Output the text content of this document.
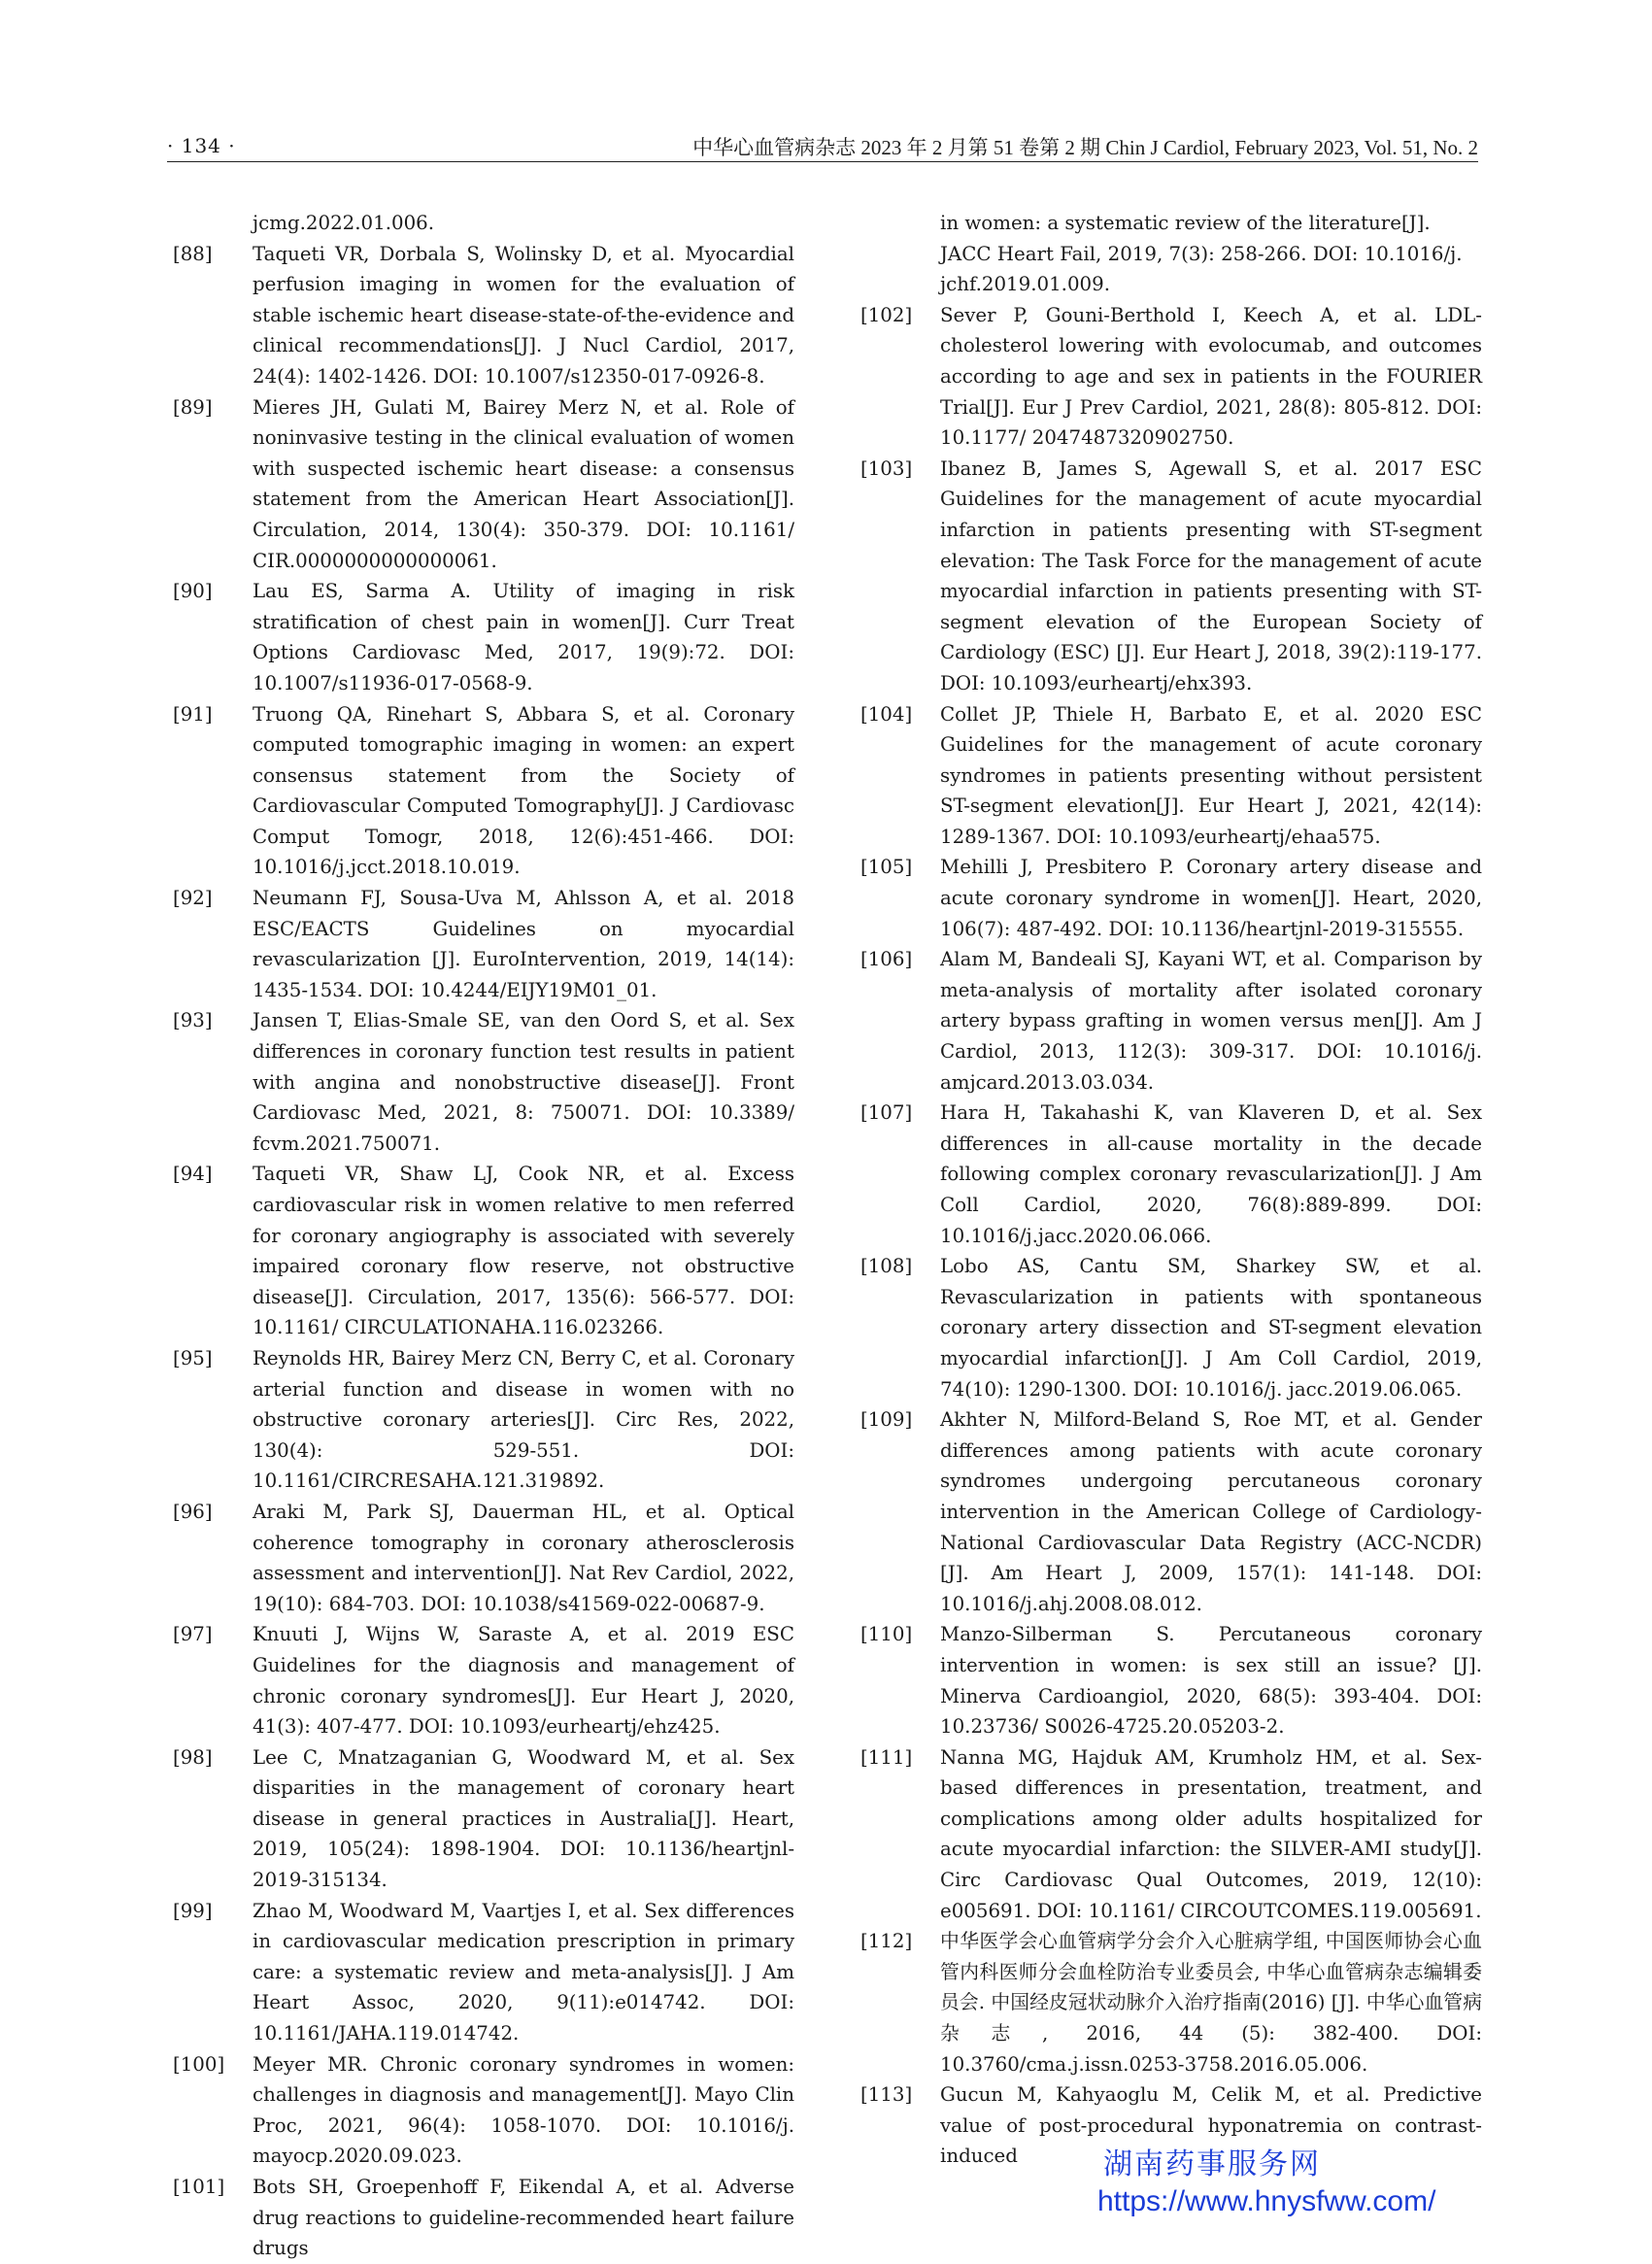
· 134 ·	中华心血管病杂志 2023 年 2 月第 51 卷第 2 期 Chin J Cardiol, February 2023, Vol. 51, No. 2
jcmg.2022.01.006.
[88]	Taqueti VR, Dorbala S, Wolinsky D, et al. Myocardial perfusion imaging in women for the evaluation of stable ischemic heart disease-state-of-the-evidence and clinical recommendations[J]. J Nucl Cardiol, 2017, 24(4): 1402-1426. DOI: 10.1007/s12350-017-0926-8.
[89]	Mieres JH, Gulati M, Bairey Merz N, et al. Role of noninvasive testing in the clinical evaluation of women with suspected ischemic heart disease: a consensus statement from the American Heart Association[J]. Circulation, 2014, 130(4): 350-379. DOI: 10.1161/ CIR.0000000000000061.
[90]	Lau ES, Sarma A. Utility of imaging in risk stratification of chest pain in women[J]. Curr Treat Options Cardiovasc Med, 2017, 19(9):72. DOI: 10.1007/s11936-017-0568-9.
[91]	Truong QA, Rinehart S, Abbara S, et al. Coronary computed tomographic imaging in women: an expert consensus statement from the Society of Cardiovascular Computed Tomography[J]. J Cardiovasc Comput Tomogr, 2018, 12(6):451-466. DOI: 10.1016/j.jcct.2018.10.019.
[92]	Neumann FJ, Sousa-Uva M, Ahlsson A, et al. 2018 ESC/EACTS Guidelines on myocardial revascularization [J]. EuroIntervention, 2019, 14(14): 1435-1534. DOI: 10.4244/EIJY19M01_01.
[93]	Jansen T, Elias-Smale SE, van den Oord S, et al. Sex differences in coronary function test results in patient with angina and nonobstructive disease[J]. Front Cardiovasc Med, 2021, 8: 750071. DOI: 10.3389/ fcvm.2021.750071.
[94]	Taqueti VR, Shaw LJ, Cook NR, et al. Excess cardiovascular risk in women relative to men referred for coronary angiography is associated with severely impaired coronary flow reserve, not obstructive disease[J]. Circulation, 2017, 135(6): 566-577. DOI: 10.1161/ CIRCULATIONAHA.116.023266.
[95]	Reynolds HR, Bairey Merz CN, Berry C, et al. Coronary arterial function and disease in women with no obstructive coronary arteries[J]. Circ Res, 2022, 130(4): 529-551. DOI: 10.1161/CIRCRESAHA.121.319892.
[96]	Araki M, Park SJ, Dauerman HL, et al. Optical coherence tomography in coronary atherosclerosis assessment and intervention[J]. Nat Rev Cardiol, 2022, 19(10): 684-703. DOI: 10.1038/s41569-022-00687-9.
[97]	Knuuti J, Wijns W, Saraste A, et al. 2019 ESC Guidelines for the diagnosis and management of chronic coronary syndromes[J]. Eur Heart J, 2020, 41(3): 407-477. DOI: 10.1093/eurheartj/ehz425.
[98]	Lee C, Mnatzaganian G, Woodward M, et al. Sex disparities in the management of coronary heart disease in general practices in Australia[J]. Heart, 2019, 105(24): 1898-1904. DOI: 10.1136/heartjnl-2019-315134.
[99]	Zhao M, Woodward M, Vaartjes I, et al. Sex differences in cardiovascular medication prescription in primary care: a systematic review and meta-analysis[J]. J Am Heart Assoc, 2020, 9(11):e014742. DOI: 10.1161/JAHA.119.014742.
[100]	Meyer MR. Chronic coronary syndromes in women: challenges in diagnosis and management[J]. Mayo Clin Proc, 2021, 96(4): 1058-1070. DOI: 10.1016/j. mayocp.2020.09.023.
[101]	Bots SH, Groepenhoff F, Eikendal A, et al. Adverse drug reactions to guideline-recommended heart failure drugs
in women: a systematic review of the literature[J]. JACC Heart Fail, 2019, 7(3): 258-266. DOI: 10.1016/j. jchf.2019.01.009.
[102]	Sever P, Gouni-Berthold I, Keech A, et al. LDL-cholesterol lowering with evolocumab, and outcomes according to age and sex in patients in the FOURIER Trial[J]. Eur J Prev Cardiol, 2021, 28(8): 805-812. DOI: 10.1177/ 2047487320902750.
[103]	Ibanez B, James S, Agewall S, et al. 2017 ESC Guidelines for the management of acute myocardial infarction in patients presenting with ST-segment elevation: The Task Force for the management of acute myocardial infarction in patients presenting with ST-segment elevation of the European Society of Cardiology (ESC) [J]. Eur Heart J, 2018, 39(2):119-177. DOI: 10.1093/eurheartj/ehx393.
[104]	Collet JP, Thiele H, Barbato E, et al. 2020 ESC Guidelines for the management of acute coronary syndromes in patients presenting without persistent ST-segment elevation[J]. Eur Heart J, 2021, 42(14): 1289-1367. DOI: 10.1093/eurheartj/ehaa575.
[105]	Mehilli J, Presbitero P. Coronary artery disease and acute coronary syndrome in women[J]. Heart, 2020, 106(7): 487-492. DOI: 10.1136/heartjnl-2019-315555.
[106]	Alam M, Bandeali SJ, Kayani WT, et al. Comparison by meta-analysis of mortality after isolated coronary artery bypass grafting in women versus men[J]. Am J Cardiol, 2013, 112(3): 309-317. DOI: 10.1016/j. amjcard.2013.03.034.
[107]	Hara H, Takahashi K, van Klaveren D, et al. Sex differences in all-cause mortality in the decade following complex coronary revascularization[J]. J Am Coll Cardiol, 2020, 76(8):889-899. DOI: 10.1016/j.jacc.2020.06.066.
[108]	Lobo AS, Cantu SM, Sharkey SW, et al. Revascularization in patients with spontaneous coronary artery dissection and ST-segment elevation myocardial infarction[J]. J Am Coll Cardiol, 2019, 74(10): 1290-1300. DOI: 10.1016/j. jacc.2019.06.065.
[109]	Akhter N, Milford-Beland S, Roe MT, et al. Gender differences among patients with acute coronary syndromes undergoing percutaneous coronary intervention in the American College of Cardiology-National Cardiovascular Data Registry (ACC-NCDR) [J]. Am Heart J, 2009, 157(1): 141-148. DOI: 10.1016/j.ahj.2008.08.012.
[110]	Manzo-Silberman S. Percutaneous coronary intervention in women: is sex still an issue? [J]. Minerva Cardioangiol, 2020, 68(5): 393-404. DOI: 10.23736/ S0026-4725.20.05203-2.
[111]	Nanna MG, Hajduk AM, Krumholz HM, et al. Sex-based differences in presentation, treatment, and complications among older adults hospitalized for acute myocardial infarction: the SILVER-AMI study[J]. Circ Cardiovasc Qual Outcomes, 2019, 12(10): e005691. DOI: 10.1161/ CIRCOUTCOMES.119.005691.
[112]	中华医学会心血管病学分会介入心脏病学组, 中国医师协会心血管内科医师分会血栓防治专业委员会, 中华心血管病杂志编辑委员会. 中国经皮冠状动脉介入治疗指南(2016) [J]. 中华心血管病杂志, 2016, 44 (5): 382-400. DOI: 10.3760/cma.j.issn.0253-3758.2016.05.006.
[113]	Gucun M, Kahyaoglu M, Celik M, et al. Predictive value of post-procedural hyponatremia on contrast-induced	湖南药事服务网
https://www.hnysfww.com/
